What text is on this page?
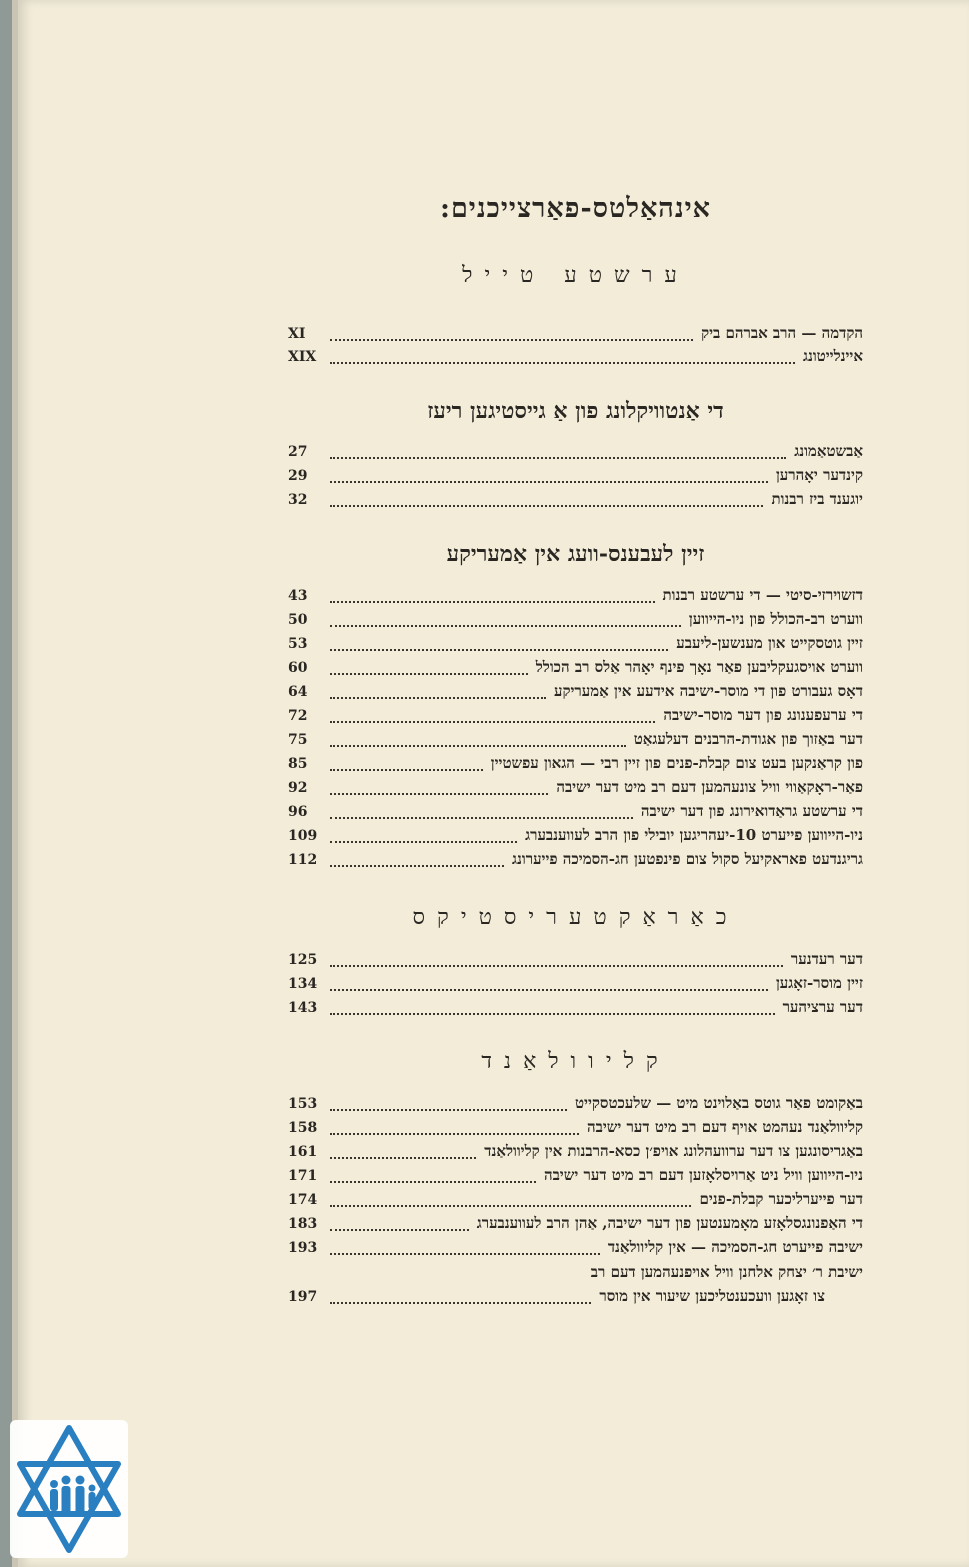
אינהאַלטס-פאַרצייכנים:
ערשטע טייל
הקדמה — הרב אברהם ביק
XI
איינלייטונג
XIX
די אַנטוויקלונג פון אַ גייסטיגען ריעז
אַבשטאַמונג
27
קינדער יאָהרען
29
יוגענד ביז רבנות
32
זיין לעבענס-וועג אין אַמעריקע
דזשוירזי-סיטי — די ערשטע רבנות
43
ווערט רב-הכולל פון ניו-הייווען
50
זיין גוטסקייט און מענשען-ליעבע
53
ווערט אויסגעקליבען פאַר נאָך פינף יאָהר אַלס רב הכולל
60
דאָס געבורט פון די מוסר-ישיבה אידעע אין אַמעריקע
64
די ערעפענונג פון דער מוסר-ישיבה
72
דער באַזוך פון אגודת-הרבנים דעלעגאַט
75
פון קראַנקען בעט צום קבלת-פנים פון זיין רבי — הגאון עפשטיין
85
פאַר-ראָקאַווי וויל צונעהמען דעם רב מיט דער ישיבה
92
די ערשטע גראַדואירונג פון דער ישיבה
96
ניו-הייווען פייערט 10-יעהריגען יובילי פון הרב לעווענבערג
109
גריגנדעט פאראקיעל סקול צום פינפטען חג-הסמיכה פייערונג
112
כאַראַקטעריסטיקס
דער רעדנער
125
זיין מוסר-זאָגען
134
דער ערציהער
143
קליוולאַנד
באַקומט פאַר גוטס באַלוינט מיט — שלעכטסקייט
153
קליוולאַנד נעהמט אויף דעם רב מיט דער ישיבה
158
באַגריסונגען צו דער ערוועהלונג אויפ׳ן כסא-הרבנות אין קליוולאַנד
161
ניו-הייווען וויל ניט אַרויסלאָזען דעם רב מיט דער ישיבה
171
דער פייערליכער קבלת-פנים
174
די האַפנונגסלאָזע מאָמענטען פון דער ישיבה, אַהן הרב לעווענבערג
183
ישיבה פייערט חג-הסמיכה — אין קליוולאַנד
193
ישיבת ר׳ יצחק אלחנן וויל אויפנעהמען דעם רב
צו זאָגען וועכענטליכען שיעור אין מוסר
197
